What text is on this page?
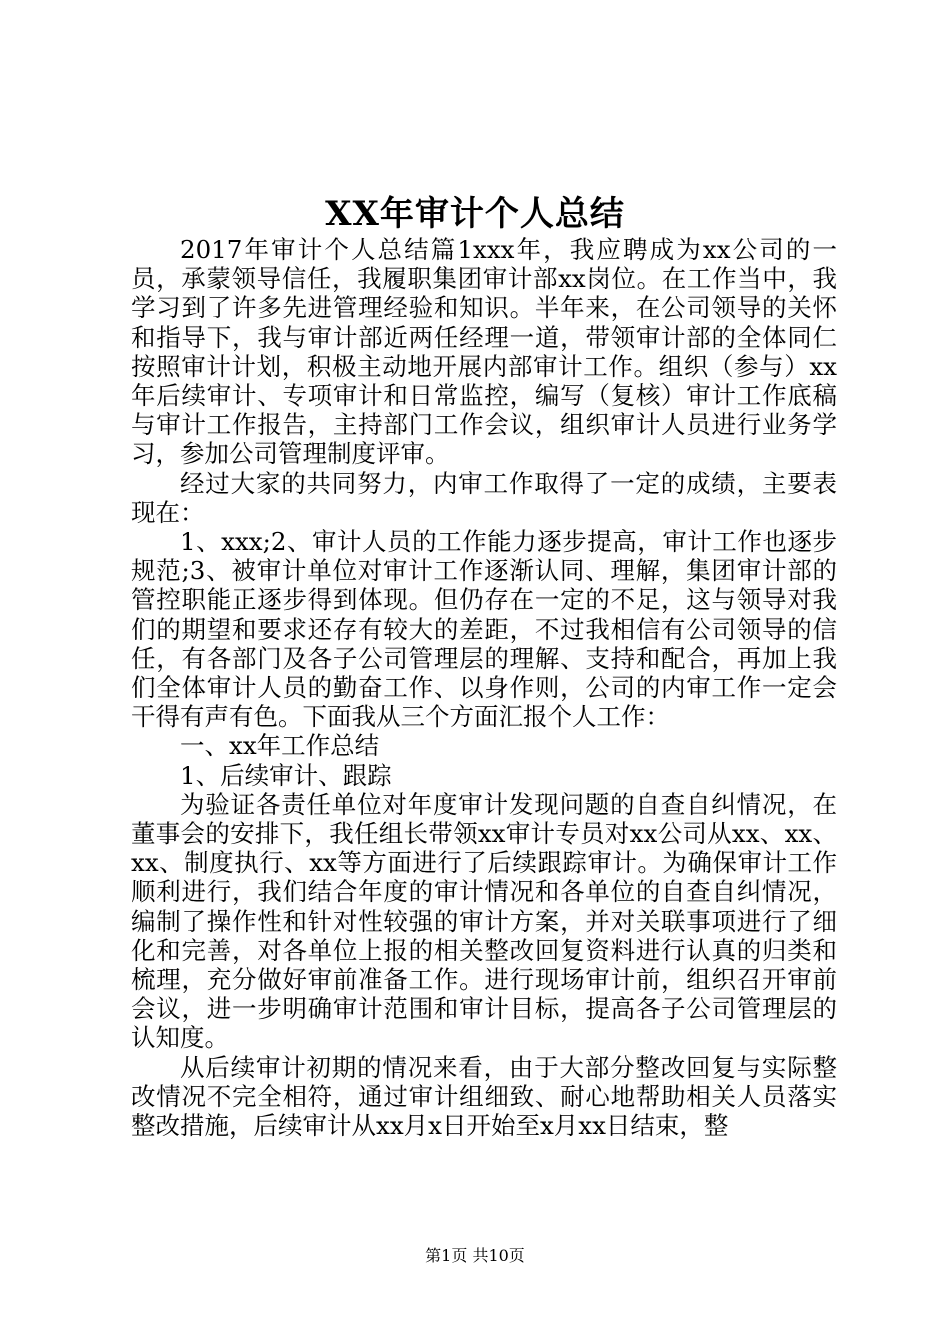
XX年审计个人总结

2017年审计个人总结篇1xxx年，我应聘成为xx公司的一员，承蒙领导信任，我履职集团审计部xx岗位。在工作当中，我学习到了许多先进管理经验和知识。半年来，在公司领导的关怀和指导下，我与审计部近两任经理一道，带领审计部的全体同仁按照审计计划，积极主动地开展内部审计工作。组织（参与）xx年后续审计、专项审计和日常监控，编写（复核）审计工作底稿与审计工作报告，主持部门工作会议，组织审计人员进行业务学习，参加公司管理制度评审。

经过大家的共同努力，内审工作取得了一定的成绩，主要表现在：

1、xxx;2、审计人员的工作能力逐步提高，审计工作也逐步规范;3、被审计单位对审计工作逐渐认同、理解，集团审计部的管控职能正逐步得到体现。但仍存在一定的不足，这与领导对我们的期望和要求还存有较大的差距，不过我相信有公司领导的信任，有各部门及各子公司管理层的理解、支持和配合，再加上我们全体审计人员的勤奋工作、以身作则，公司的内审工作一定会干得有声有色。下面我从三个方面汇报个人工作：

一、xx年工作总结

1、后续审计、跟踪

为验证各责任单位对年度审计发现问题的自查自纠情况，在董事会的安排下，我任组长带领xx审计专员对xx公司从xx、xx、xx、制度执行、xx等方面进行了后续跟踪审计。为确保审计工作顺利进行，我们结合年度的审计情况和各单位的自查自纠情况，编制了操作性和针对性较强的审计方案，并对关联事项进行了细化和完善，对各单位上报的相关整改回复资料进行认真的归类和梳理，充分做好审前准备工作。进行现场审计前，组织召开审前会议，进一步明确审计范围和审计目标，提高各子公司管理层的认知度。

从后续审计初期的情况来看，由于大部分整改回复与实际整改情况不完全相符，通过审计组细致、耐心地帮助相关人员落实整改措施，后续审计从xx月x日开始至x月xx日结束，整

第1页 共10页
